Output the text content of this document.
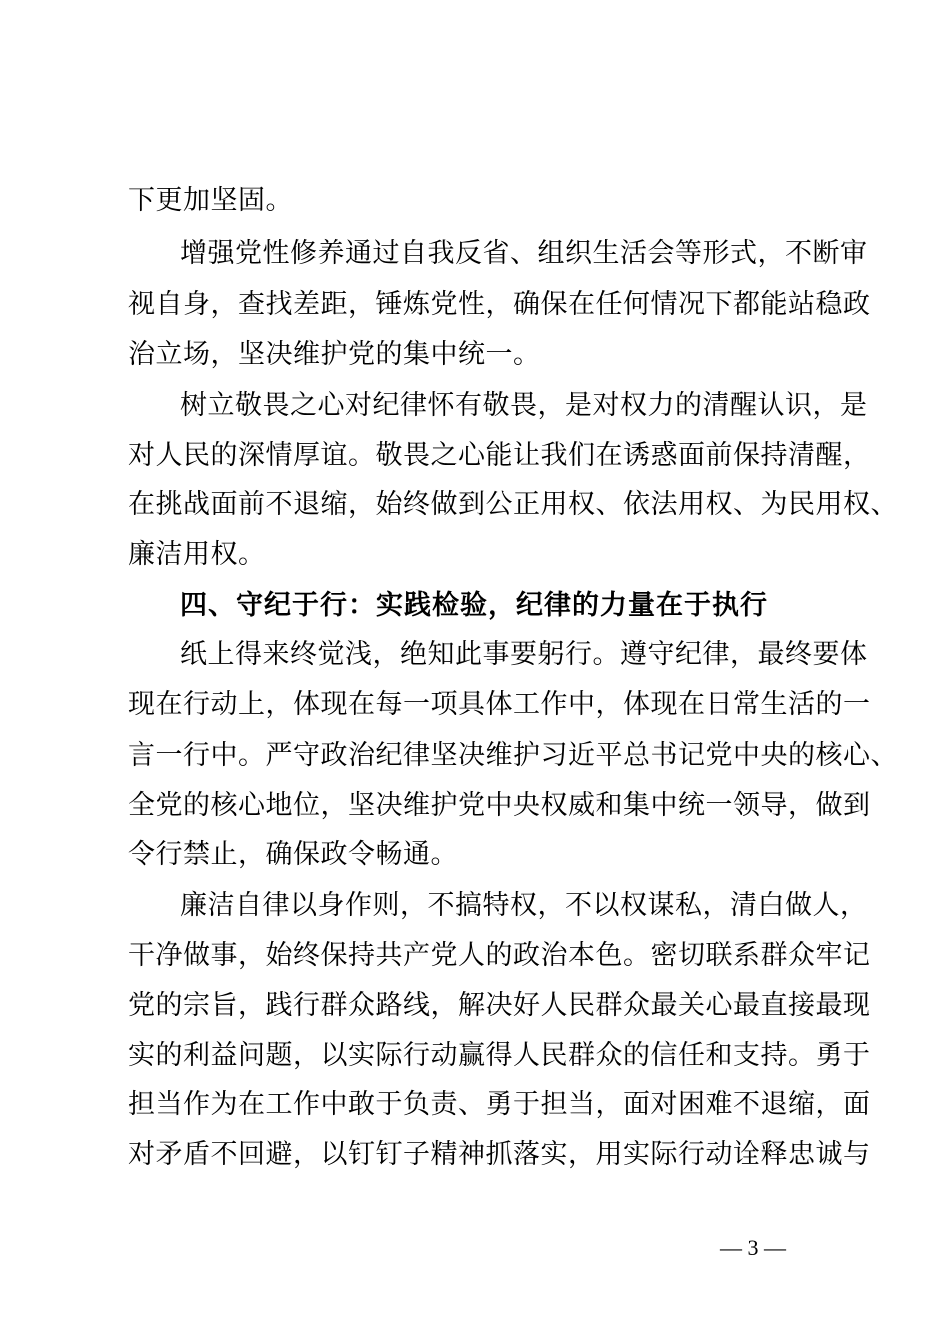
下更加坚固。
增强党性修养通过自我反省、组织生活会等形式，不断审
视自身，查找差距，锤炼党性，确保在任何情况下都能站稳政
治立场，坚决维护党的集中统一。
树立敬畏之心对纪律怀有敬畏，是对权力的清醒认识，是
对人民的深情厚谊。敬畏之心能让我们在诱惑面前保持清醒，
在挑战面前不退缩，始终做到公正用权、依法用权、为民用权、
廉洁用权。
四、守纪于行：实践检验，纪律的力量在于执行
纸上得来终觉浅，绝知此事要躬行。遵守纪律，最终要体
现在行动上，体现在每一项具体工作中，体现在日常生活的一
言一行中。严守政治纪律坚决维护习近平总书记党中央的核心、
全党的核心地位，坚决维护党中央权威和集中统一领导，做到
令行禁止，确保政令畅通。
廉洁自律以身作则，不搞特权，不以权谋私，清白做人，
干净做事，始终保持共产党人的政治本色。密切联系群众牢记
党的宗旨，践行群众路线，解决好人民群众最关心最直接最现
实的利益问题，以实际行动赢得人民群众的信任和支持。勇于
担当作为在工作中敢于负责、勇于担当，面对困难不退缩，面
对矛盾不回避，以钉钉子精神抓落实，用实际行动诠释忠诚与
— 3 —
